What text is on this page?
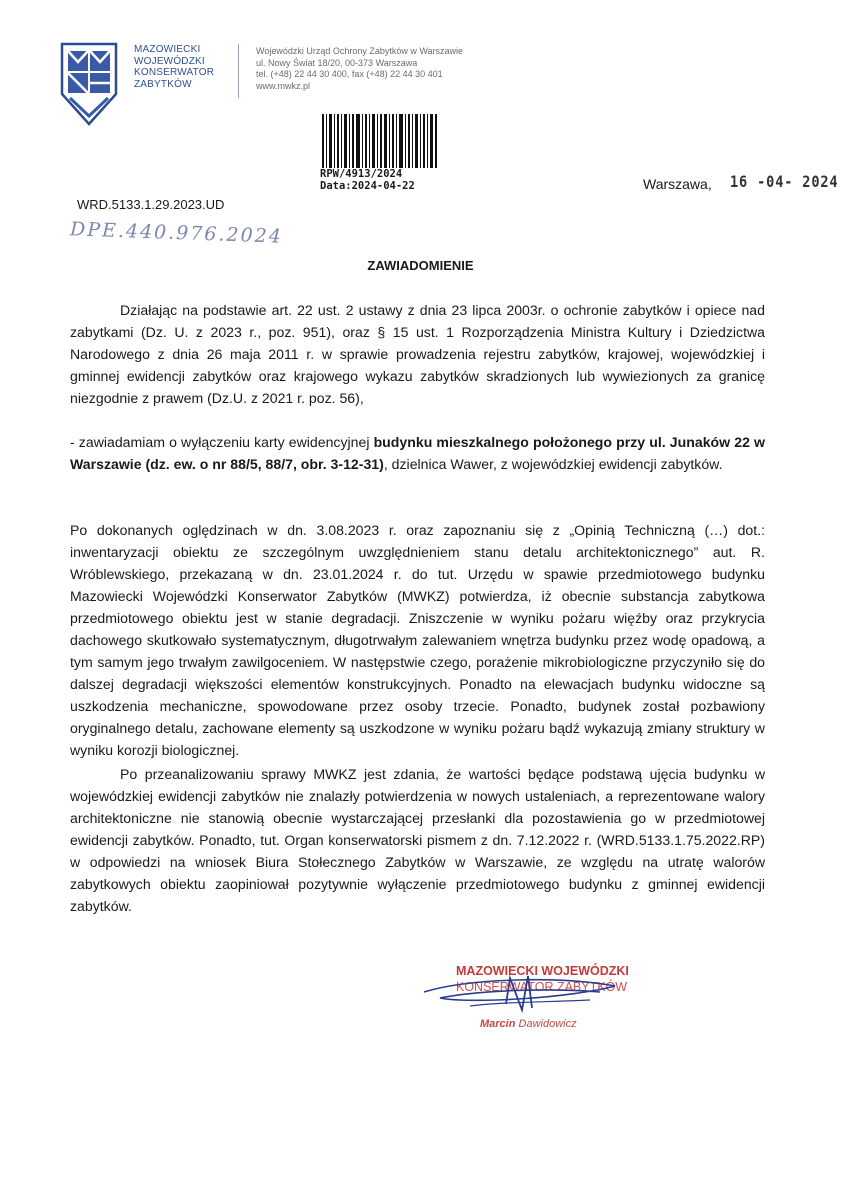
MAZOWIECKI
WOJEWÓDZKI
KONSERWATOR
ZABYTKÓW
Wojewódzki Urząd Ochrony Zabytków w Warszawie
ul. Nowy Świat 18/20, 00-373 Warszawa
tel. (+48) 22 44 30 400, fax (+48) 22 44 30 401
www.mwkz.pl
RPW/4913/2024
Data:2024-04-22	Warszawa, 16 -04- 2024
WRD.5133.1.29.2023.UD
DPE.440.976.2024
ZAWIADOMIENIE
Działając na podstawie art. 22 ust. 2 ustawy z dnia 23 lipca 2003r. o ochronie zabytków i opiece nad zabytkami (Dz. U. z 2023 r., poz. 951), oraz § 15 ust. 1 Rozporządzenia Ministra Kultury i Dziedzictwa Narodowego z dnia 26 maja 2011 r. w sprawie prowadzenia rejestru zabytków, krajowej, wojewódzkiej i gminnej ewidencji zabytków oraz krajowego wykazu zabytków skradzionych lub wywiezionych za granicę niezgodnie z prawem (Dz.U. z 2021 r. poz. 56),
- zawiadamiam o wyłączeniu karty ewidencyjnej budynku mieszkalnego położonego przy ul. Junaków 22 w Warszawie (dz. ew. o nr 88/5, 88/7, obr. 3-12-31), dzielnica Wawer, z wojewódzkiej ewidencji zabytków.
Po dokonanych oględzinach w dn. 3.08.2023 r. oraz zapoznaniu się z „Opinią Techniczną (…) dot.: inwentaryzacji obiektu ze szczególnym uwzględnieniem stanu detalu architektonicznego” aut. R. Wróblewskiego, przekazaną w dn. 23.01.2024 r. do tut. Urzędu w spawie przedmiotowego budynku Mazowiecki Wojewódzki Konserwator Zabytków (MWKZ) potwierdza, iż obecnie substancja zabytkowa przedmiotowego obiektu jest w stanie degradacji. Zniszczenie w wyniku pożaru więźby oraz przykrycia dachowego skutkowało systematycznym, długotrwałym zalewaniem wnętrza budynku przez wodę opadową, a tym samym jego trwałym zawilgoceniem. W następstwie czego, porażenie mikrobiologiczne przyczyniło się do dalszej degradacji większości elementów konstrukcyjnych. Ponadto na elewacjach budynku widoczne są uszkodzenia mechaniczne, spowodowane przez osoby trzecie. Ponadto, budynek został pozbawiony oryginalnego detalu, zachowane elementy są uszkodzone w wyniku pożaru bądź wykazują zmiany struktury w wyniku korozji biologicznej.
Po przeanalizowaniu sprawy MWKZ jest zdania, że wartości będące podstawą ujęcia budynku w wojewódzkiej ewidencji zabytków nie znalazły potwierdzenia w nowych ustaleniach, a reprezentowane walory architektoniczne nie stanowią obecnie wystarczającej przesłanki dla pozostawienia go w przedmiotowej ewidencji zabytków. Ponadto, tut. Organ konserwatorski pismem z dn. 7.12.2022 r. (WRD.5133.1.75.2022.RP) w odpowiedzi na wniosek Biura Stołecznego Zabytków w Warszawie, ze względu na utratę walorów zabytkowych obiektu zaopiniował pozytywnie wyłączenie przedmiotowego budynku z gminnej ewidencji zabytków.
MAZOWIECKI WOJEWÓDZKI
KONSERWATOR ZABYTKÓW
Marcin Dawidowicz
